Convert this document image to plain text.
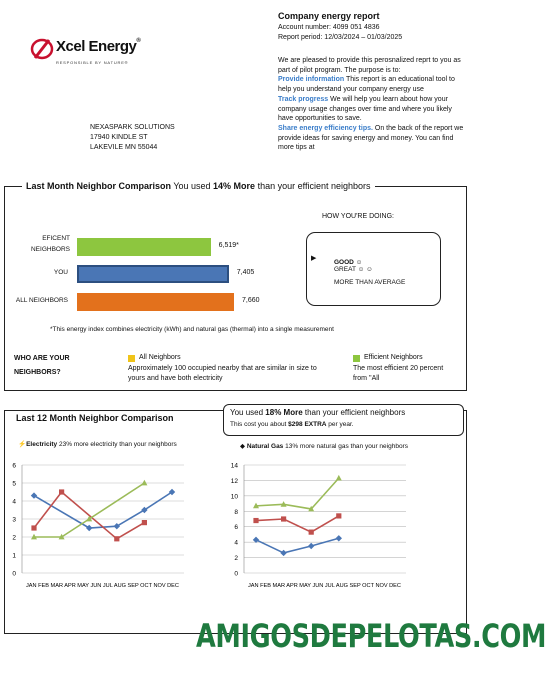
Xcel Energy®
RESPONSIBLE BY NATURE®
Company energy report
Account number: 4099 051 4836
Report period: 12/03/2024 – 01/03/2025
We are pleased to provide this perosnalized reprt to you as part of pilot program. The purpose is to:
Provide information This report is an educational tool to help you understand your company energy use
Track progress We will help you learn about how your company usage changes over time and where you likely have opportunities to save.
Share energy efficiency tips. On the back of the report we provide ideas for saving energy and money. You can find more tips at
NEXASPARK SOLUTIONS
17940 KINDLE ST
LAKEVILE MN 55044
Last Month Neighbor Comparison You used 14% More than your efficient neighbors
EFICENT NEIGHBORS
6,519*
YOU	7,405
ALL NEIGHBORS	7,660
HOW YOU'RE DOING:
▶
GREAT ☺ ☺
GOOD ☺
MORE THAN AVERAGE
*This energy index combines electricity (kWh) and natural gas (thermal) into a single measurement
WHO ARE YOUR
NEIGHBORS?
All Neighbors
Approximately 100 occupied nearby that are similar in size to yours and have both electricity
Efficient Neighbors
The most efficient 20 percent from ''All
Last 12 Month Neighbor Comparison
You used 18% More than your efficient neighbors
This cost you about $298 EXTRA per year.
⚡Electricity 23% more electricity than your neighbors	◆ Natural Gas 13% more natural gas than your neighbors
0
1
2
3
4
5
6
JAN FEB MAR APR MAY JUN JUL AUG SEP OCT NOV DEC
0
2
4
6
8
10
12
14
JAN FEB MAR APR MAY JUN JUL AUG SEP OCT NOV DEC
AMIGOSDEPELOTAS.COM
